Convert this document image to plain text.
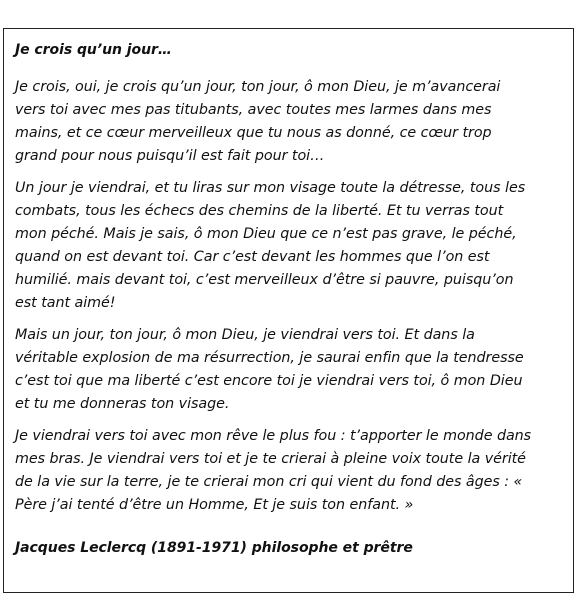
Je crois qu’un jour…
Je crois, oui, je crois qu’un jour, ton jour, ô mon Dieu, je m’avancerai
vers toi avec mes pas titubants, avec toutes mes larmes dans mes
mains, et ce cœur merveilleux que tu nous as donné, ce cœur trop
grand pour nous puisqu’il est fait pour toi…
Un jour je viendrai, et tu liras sur mon visage toute la détresse, tous les
combats, tous les échecs des chemins de la liberté. Et tu verras tout
mon péché. Mais je sais, ô mon Dieu que ce n’est pas grave, le péché,
quand on est devant toi. Car c’est devant les hommes que l’on est
humilié. mais devant toi, c’est merveilleux d’être si pauvre, puisqu’on
est tant aimé!
Mais un jour, ton jour, ô mon Dieu, je viendrai vers toi. Et dans la
véritable explosion de ma résurrection, je saurai enfin que la tendresse
c’est toi que ma liberté c’est encore toi je viendrai vers toi, ô mon Dieu
et tu me donneras ton visage.
Je viendrai vers toi avec mon rêve le plus fou : t’apporter le monde dans
mes bras. Je viendrai vers toi et je te crierai à pleine voix toute la vérité
de la vie sur la terre, je te crierai mon cri qui vient du fond des âges : «
Père j’ai tenté d’être un Homme, Et je suis ton enfant. »
Jacques Leclercq (1891-1971) philosophe et prêtre
